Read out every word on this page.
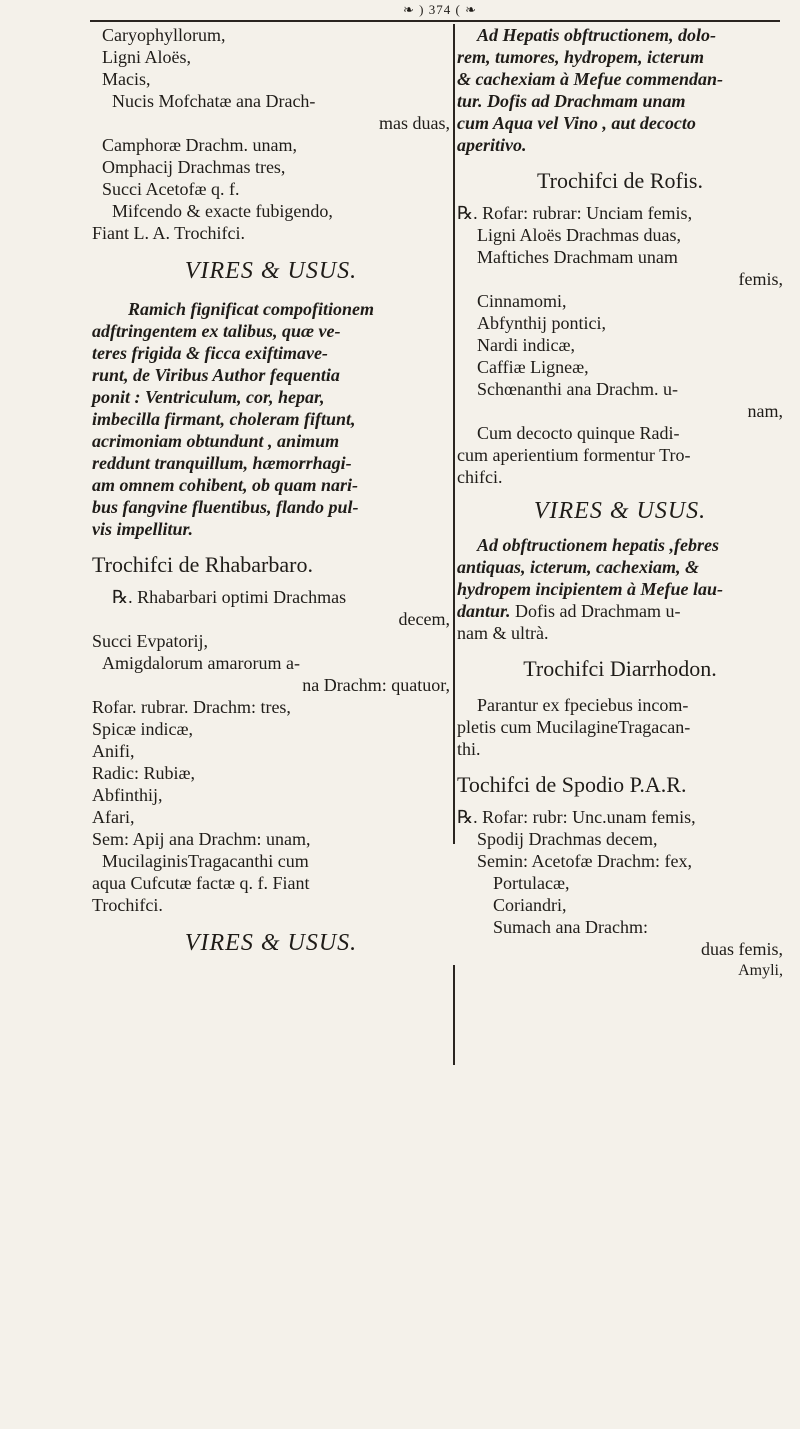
❧ ) 374 ( ❧
Caryophyllorum,
Ligni Aloës,
Macis,
Nucis Mofchatæ ana Drach-
mas duas,
Camphoræ Drachm. unam,
Omphacij Drachmas tres,
Succi Acetofæ q. f.
Mifcendo & exacte fubigendo,
Fiant L. A. Trochifci.
VIRES & USUS.
Ramich fignificat compofitionem
adftringentem ex talibus, quæ ve-
teres frigida & ficca exiftimave-
runt, de Viribus Author fequentia
ponit : Ventriculum, cor, hepar,
imbecilla firmant, choleram fiftunt,
acrimoniam obtundunt , animum
reddunt tranquillum, hæmorrhagi-
am omnem cohibent, ob quam nari-
bus fangvine fluentibus, flando pul-
vis impellitur.
Trochifci de Rhabarbaro.
℞. Rhabarbari optimi Drachmas
decem,
Succi Evpatorij,
Amigdalorum amarorum a-
na Drachm: quatuor,
Rofar. rubrar. Drachm: tres,
Spicæ indicæ,
Anifi,
Radic: Rubiæ,
Abfinthij,
Afari,
Sem: Apij ana Drachm: unam,
MucilaginisTragacanthi cum
aqua Cufcutæ factæ q. f. Fiant
Trochifci.
VIRES & USUS.
Ad Hepatis obftructionem, dolo-
rem, tumores, hydropem, icterum
& cachexiam à Mefue commendan-
tur. Dofis ad Drachmam unam
cum Aqua vel Vino , aut decocto
aperitivo.
Trochifci de Rofis.
℞. Rofar: rubrar: Unciam femis,
Ligni Aloës Drachmas duas,
Maftiches Drachmam unam
femis,
Cinnamomi,
Abfynthij pontici,
Nardi indicæ,
Caffiæ Ligneæ,
Schœnanthi ana Drachm. u-
nam,
Cum decocto quinque Radi-
cum aperientium formentur Tro-
chifci.
VIRES & USUS.
Ad obftructionem hepatis ,febres
antiquas, icterum, cachexiam, &
hydropem incipientem à Mefue lau-
dantur. Dofis ad Drachmam u-
nam & ultrà.
Trochifci Diarrhodon.
Parantur ex fpeciebus incom-
pletis cum MucilagineTragacan-
thi.
Tochifci de Spodio P.A.R.
℞. Rofar: rubr: Unc.unam femis,
Spodij Drachmas decem,
Semin: Acetofæ Drachm: fex,
Portulacæ,
Coriandri,
Sumach ana Drachm:
duas femis,
Amyli,
